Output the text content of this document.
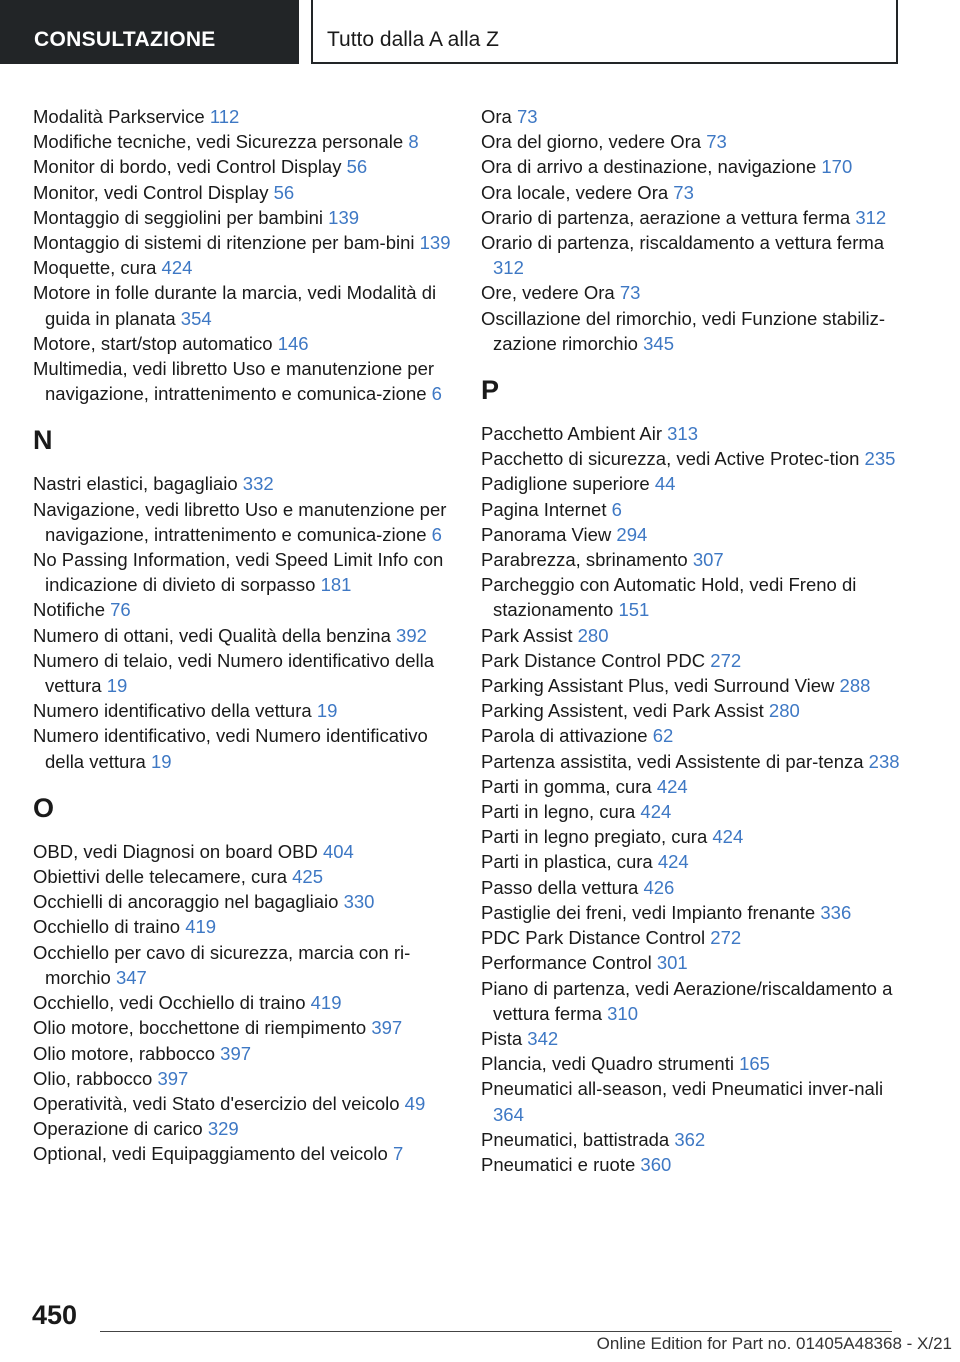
CONSULTAZIONE	Tutto dalla A alla Z
Modalità Parkservice 112
Modifiche tecniche, vedi Sicurezza personale 8
Monitor di bordo, vedi Control Display 56
Monitor, vedi Control Display 56
Montaggio di seggiolini per bambini 139
Montaggio di sistemi di ritenzione per bam‐bini 139
Moquette, cura 424
Motore in folle durante la marcia, vedi Modalità di guida in planata 354
Motore, start/stop automatico 146
Multimedia, vedi libretto Uso e manutenzione per navigazione, intrattenimento e comunica‐zione 6
N
Nastri elastici, bagagliaio 332
Navigazione, vedi libretto Uso e manutenzione per navigazione, intrattenimento e comunica‐zione 6
No Passing Information, vedi Speed Limit Info con indicazione di divieto di sorpasso 181
Notifiche 76
Numero di ottani, vedi Qualità della benzina 392
Numero di telaio, vedi Numero identificativo della vettura 19
Numero identificativo della vettura 19
Numero identificativo, vedi Numero identificativo della vettura 19
O
OBD, vedi Diagnosi on board OBD 404
Obiettivi delle telecamere, cura 425
Occhielli di ancoraggio nel bagagliaio 330
Occhiello di traino 419
Occhiello per cavo di sicurezza, marcia con ri‐morchio 347
Occhiello, vedi Occhiello di traino 419
Olio motore, bocchettone di riempimento 397
Olio motore, rabbocco 397
Olio, rabbocco 397
Operatività, vedi Stato d'esercizio del veicolo 49
Operazione di carico 329
Optional, vedi Equipaggiamento del veicolo 7
Ora 73
Ora del giorno, vedere Ora 73
Ora di arrivo a destinazione, navigazione 170
Ora locale, vedere Ora 73
Orario di partenza, aerazione a vettura ferma 312
Orario di partenza, riscaldamento a vettura ferma 312
Ore, vedere Ora 73
Oscillazione del rimorchio, vedi Funzione stabiliz‐zazione rimorchio 345
P
Pacchetto Ambient Air 313
Pacchetto di sicurezza, vedi Active Protec‐tion 235
Padiglione superiore 44
Pagina Internet 6
Panorama View 294
Parabrezza, sbrinamento 307
Parcheggio con Automatic Hold, vedi Freno di stazionamento 151
Park Assist 280
Park Distance Control PDC 272
Parking Assistant Plus, vedi Surround View 288
Parking Assistent, vedi Park Assist 280
Parola di attivazione 62
Partenza assistita, vedi Assistente di par‐tenza 238
Parti in gomma, cura 424
Parti in legno, cura 424
Parti in legno pregiato, cura 424
Parti in plastica, cura 424
Passo della vettura 426
Pastiglie dei freni, vedi Impianto frenante 336
PDC Park Distance Control 272
Performance Control 301
Piano di partenza, vedi Aerazione/riscaldamento a vettura ferma 310
Pista 342
Plancia, vedi Quadro strumenti 165
Pneumatici all-season, vedi Pneumatici inver‐nali 364
Pneumatici, battistrada 362
Pneumatici e ruote 360
450
Online Edition for Part no. 01405A48368 - X/21
